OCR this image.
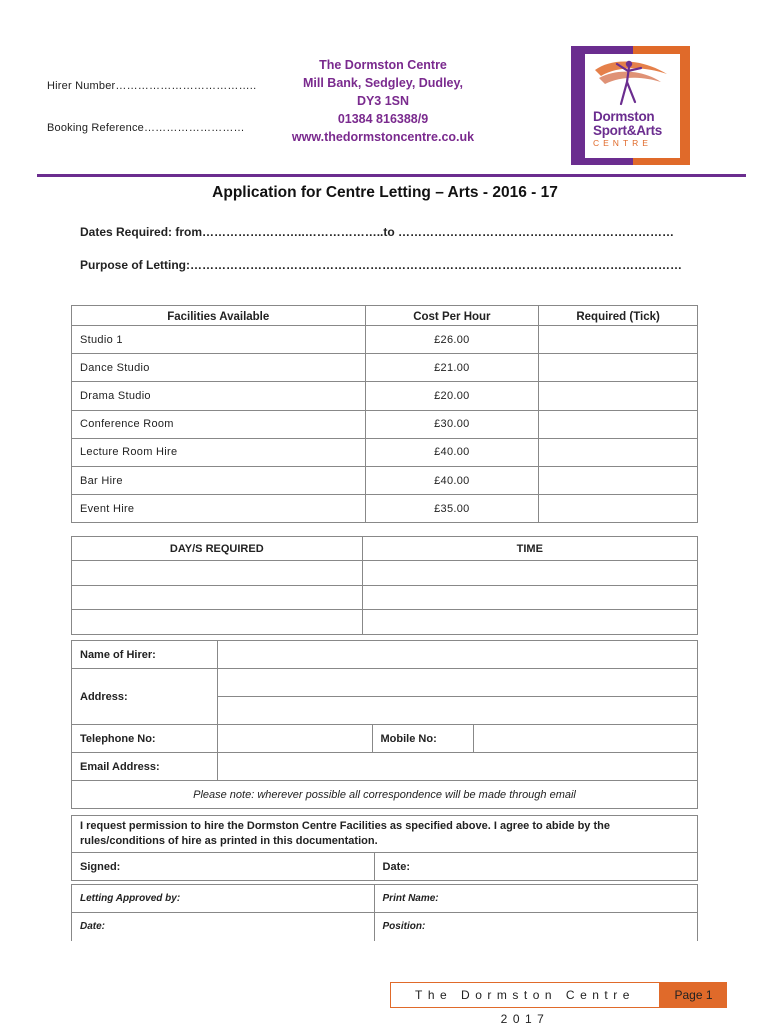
Hirer Number………………………………..
Booking Reference………………………
The Dormston Centre
Mill Bank, Sedgley, Dudley,
DY3 1SN
01384 816388/9
www.thedormstoncentre.co.uk
Dormston
Sport&Arts
CENTRE
Application for Centre Letting – Arts - 2016 - 17
Dates Required: from……………………..………………..to ……………………………………………………………
Purpose of Letting:……………………………………………………………………………………………………………
Facilities Available	Cost Per Hour	Required (Tick)
Studio 1	£26.00	
Dance Studio	£21.00	
Drama Studio	£20.00	
Conference Room	£30.00	
Lecture Room Hire	£40.00	
Bar Hire	£40.00	
Event Hire	£35.00	
DAY/S REQUIRED	TIME

Name of Hirer:			
Address:			

Telephone No:		Mobile No:	
Email Address:			
Please note: wherever possible all correspondence will be made through email			
I request permission to hire the Dormston Centre Facilities as specified above. I agree to abide by the rules/conditions of hire as printed in this documentation.
Signed:	Date:
Letting Approved by:	Print Name:
Date:	Position:
The Dormston Centre 2017
Page 1
